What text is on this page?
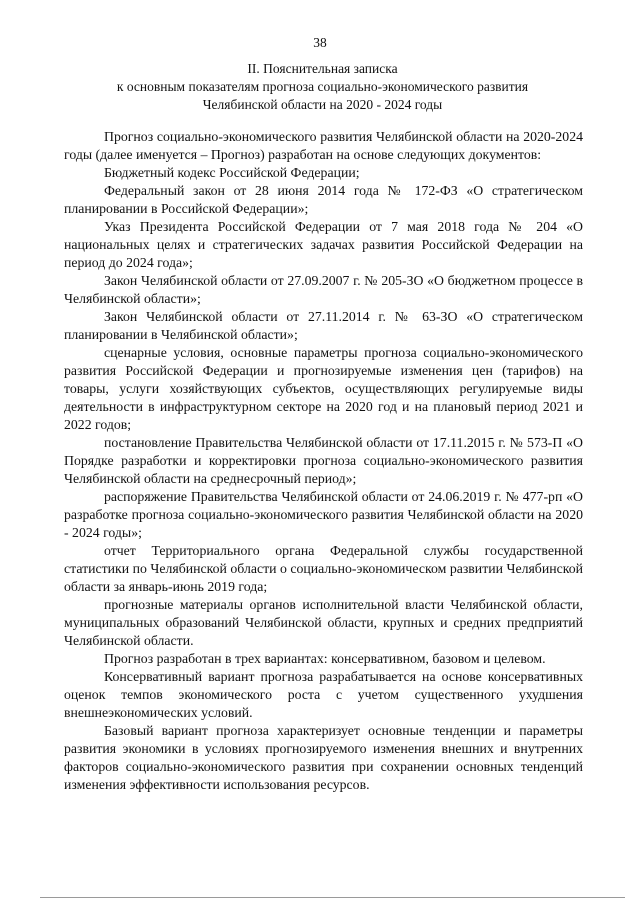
38
II. Пояснительная записка
к основным показателям прогноза социально-экономического развития
Челябинской области на 2020 - 2024 годы

Прогноз социально-экономического развития Челябинской области на 2020-2024 годы (далее именуется – Прогноз) разработан на основе следующих документов:

Бюджетный кодекс Российской Федерации;

Федеральный закон от 28 июня 2014 года № 172-ФЗ «О стратегическом планировании в Российской Федерации»;

Указ Президента Российской Федерации от 7 мая 2018 года № 204 «О национальных целях и стратегических задачах развития Российской Федерации на период до 2024 года»;

Закон Челябинской области от 27.09.2007 г. № 205-ЗО «О бюджетном процессе в Челябинской области»;

Закон Челябинской области от 27.11.2014 г. № 63-ЗО «О стратегическом планировании в Челябинской области»;

сценарные условия, основные параметры прогноза социально-экономического развития Российской Федерации и прогнозируемые изменения цен (тарифов) на товары, услуги хозяйствующих субъектов, осуществляющих регулируемые виды деятельности в инфраструктурном секторе на 2020 год и на плановый период 2021 и 2022 годов;

постановление Правительства Челябинской области от 17.11.2015 г. № 573-П «О Порядке разработки и корректировки прогноза социально-экономического развития Челябинской области на среднесрочный период»;

распоряжение Правительства Челябинской области от 24.06.2019 г. № 477-рп «О разработке прогноза социально-экономического развития Челябинской области на 2020 - 2024 годы»;

отчет Территориального органа Федеральной службы государственной статистики по Челябинской области о социально-экономическом развитии Челябинской области за январь-июнь 2019 года;

прогнозные материалы органов исполнительной власти Челябинской области, муниципальных образований Челябинской области, крупных и средних предприятий Челябинской области.

Прогноз разработан в трех вариантах: консервативном, базовом и целевом.

Консервативный вариант прогноза разрабатывается на основе консервативных оценок темпов экономического роста с учетом существенного ухудшения внешнеэкономических условий.

Базовый вариант прогноза характеризует основные тенденции и параметры развития экономики в условиях прогнозируемого изменения внешних и внутренних факторов социально-экономического развития при сохранении основных тенденций изменения эффективности использования ресурсов.
